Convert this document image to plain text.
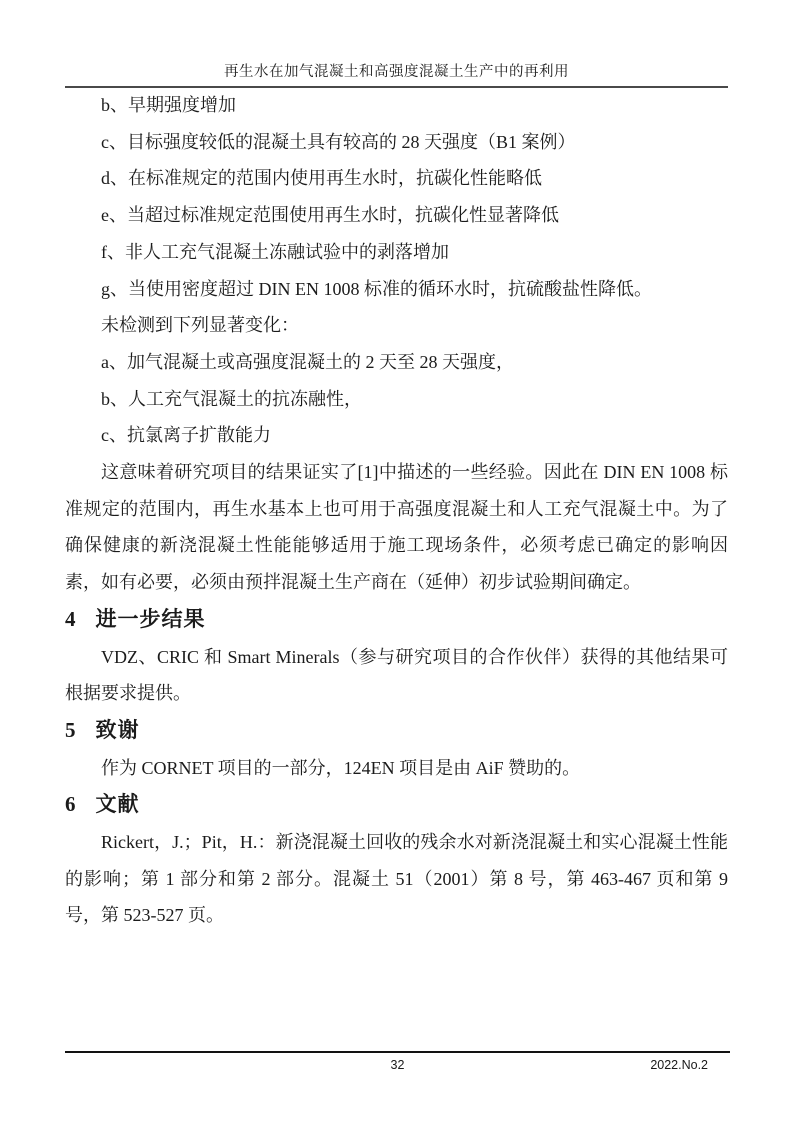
再生水在加气混凝土和高强度混凝土生产中的再利用

b、早期强度增加

c、目标强度较低的混凝土具有较高的 28 天强度（B1 案例）

d、在标准规定的范围内使用再生水时，抗碳化性能略低

e、当超过标准规定范围使用再生水时，抗碳化性显著降低

f、非人工充气混凝土冻融试验中的剥落增加

g、当使用密度超过 DIN EN 1008 标准的循环水时，抗硫酸盐性降低。

未检测到下列显著变化：

a、加气混凝土或高强度混凝土的 2 天至 28 天强度，

b、人工充气混凝土的抗冻融性，

c、抗氯离子扩散能力

这意味着研究项目的结果证实了[1]中描述的一些经验。因此在 DIN EN 1008 标准规定的范围内，再生水基本上也可用于高强度混凝土和人工充气混凝土中。为了确保健康的新浇混凝土性能能够适用于施工现场条件，必须考虑已确定的影响因素，如有必要，必须由预拌混凝土生产商在（延伸）初步试验期间确定。

4 进一步结果

VDZ、CRIC 和 Smart Minerals（参与研究项目的合作伙伴）获得的其他结果可根据要求提供。

5 致谢

作为 CORNET 项目的一部分，124EN 项目是由 AiF 赞助的。

6 文献

Rickert，J.；Pit，H.：新浇混凝土回收的残余水对新浇混凝土和实心混凝土性能的影响；第 1 部分和第 2 部分。混凝土 51（2001）第 8 号，第 463-467 页和第 9 号，第 523-527 页。

32	2022.No.2
